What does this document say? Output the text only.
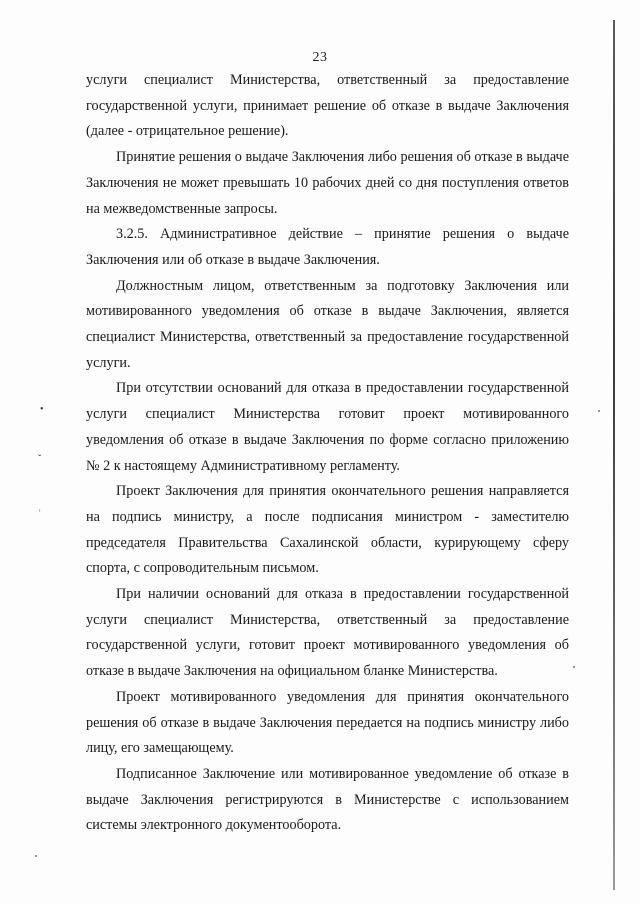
•
ˇ
˒
23

услуги специалист Министерства, ответственный за предоставление государственной услуги, принимает решение об отказе в выдаче Заключения (далее - отрицательное решение).

Принятие решения о выдаче Заключения либо решения об отказе в выдаче Заключения не может превышать 10 рабочих дней со дня поступления ответов на межведомственные запросы.

3.2.5. Административное действие – принятие решения о выдаче Заключения или об отказе в выдаче Заключения.

Должностным лицом, ответственным за подготовку Заключения или мотивированного уведомления об отказе в выдаче Заключения, является специалист Министерства, ответственный за предоставление государственной услуги.

При отсутствии оснований для отказа в предоставлении государственной услуги специалист Министерства готовит проект мотивированного уведомления об отказе в выдаче Заключения по форме согласно приложению № 2 к настоящему Административному регламенту.

Проект Заключения для принятия окончательного решения направляется на подпись министру, а после подписания министром - заместителю председателя Правительства Сахалинской области, курирующему сферу спорта, с сопроводительным письмом.

При наличии оснований для отказа в предоставлении государственной услуги специалист Министерства, ответственный за предоставление государственной услуги, готовит проект мотивированного уведомления об отказе в выдаче Заключения на официальном бланке Министерства.

Проект мотивированного уведомления для принятия окончательного решения об отказе в выдаче Заключения передается на подпись министру либо лицу, его замещающему.

Подписанное Заключение или мотивированное уведомление об отказе в выдаче Заключения регистрируются в Министерстве с использованием системы электронного документооборота.
